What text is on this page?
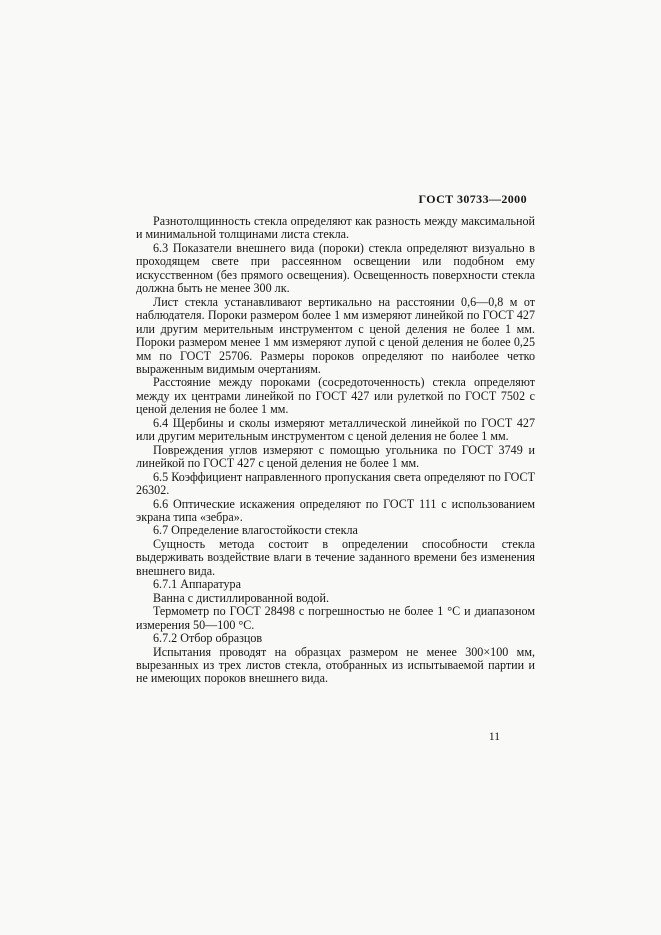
ГОСТ 30733—2000

Разнотолщинность стекла определяют как разность между максимальной и минимальной толщинами листа стекла.

6.3 Показатели внешнего вида (пороки) стекла определяют визуально в проходящем свете при рассеянном освещении или подобном ему искусственном (без прямого освещения). Освещенность поверхности стекла должна быть не менее 300 лк.

Лист стекла устанавливают вертикально на расстоянии 0,6—0,8 м от наблюдателя. Пороки размером более 1 мм измеряют линейкой по ГОСТ 427 или другим мерительным инструментом с ценой деления не более 1 мм. Пороки размером менее 1 мм измеряют лупой с ценой деления не более 0,25 мм по ГОСТ 25706. Размеры пороков определяют по наиболее четко выраженным видимым очертаниям.

Расстояние между пороками (сосредоточенность) стекла определяют между их центрами линейкой по ГОСТ 427 или рулеткой по ГОСТ 7502 с ценой деления не более 1 мм.

6.4 Щербины и сколы измеряют металлической линейкой по ГОСТ 427 или другим мерительным инструментом с ценой деления не более 1 мм.

Повреждения углов измеряют с помощью угольника по ГОСТ 3749 и линейкой по ГОСТ 427 с ценой деления не более 1 мм.

6.5 Коэффициент направленного пропускания света определяют по ГОСТ 26302.

6.6 Оптические искажения определяют по ГОСТ 111 с использованием экрана типа «зебра».

6.7 Определение влагостойкости стекла

Сущность метода состоит в определении способности стекла выдерживать воздействие влаги в течение заданного времени без изменения внешнего вида.

6.7.1 Аппаратура

Ванна с дистиллированной водой.

Термометр по ГОСТ 28498 с погрешностью не более 1 °С и диапазоном измерения 50—100 °С.

6.7.2 Отбор образцов

Испытания проводят на образцах размером не менее 300×100 мм, вырезанных из трех листов стекла, отобранных из испытываемой партии и не имеющих пороков внешнего вида.

11
